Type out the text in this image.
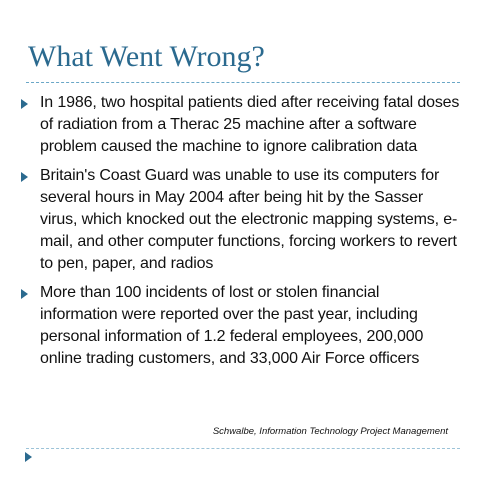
What Went Wrong?
In 1986, two hospital patients died after receiving fatal doses of radiation from a Therac 25 machine after a software problem caused the machine to ignore calibration data
Britain's Coast Guard was unable to use its computers for several hours in May 2004 after being hit by the Sasser virus, which knocked out the electronic mapping systems, e-mail, and other computer functions, forcing workers to revert to pen, paper, and radios
More than 100 incidents of lost or stolen financial information were reported over the past year, including personal information of 1.2 federal employees, 200,000 online trading customers, and 33,000 Air Force officers

Schwalbe, Information Technology Project Management
